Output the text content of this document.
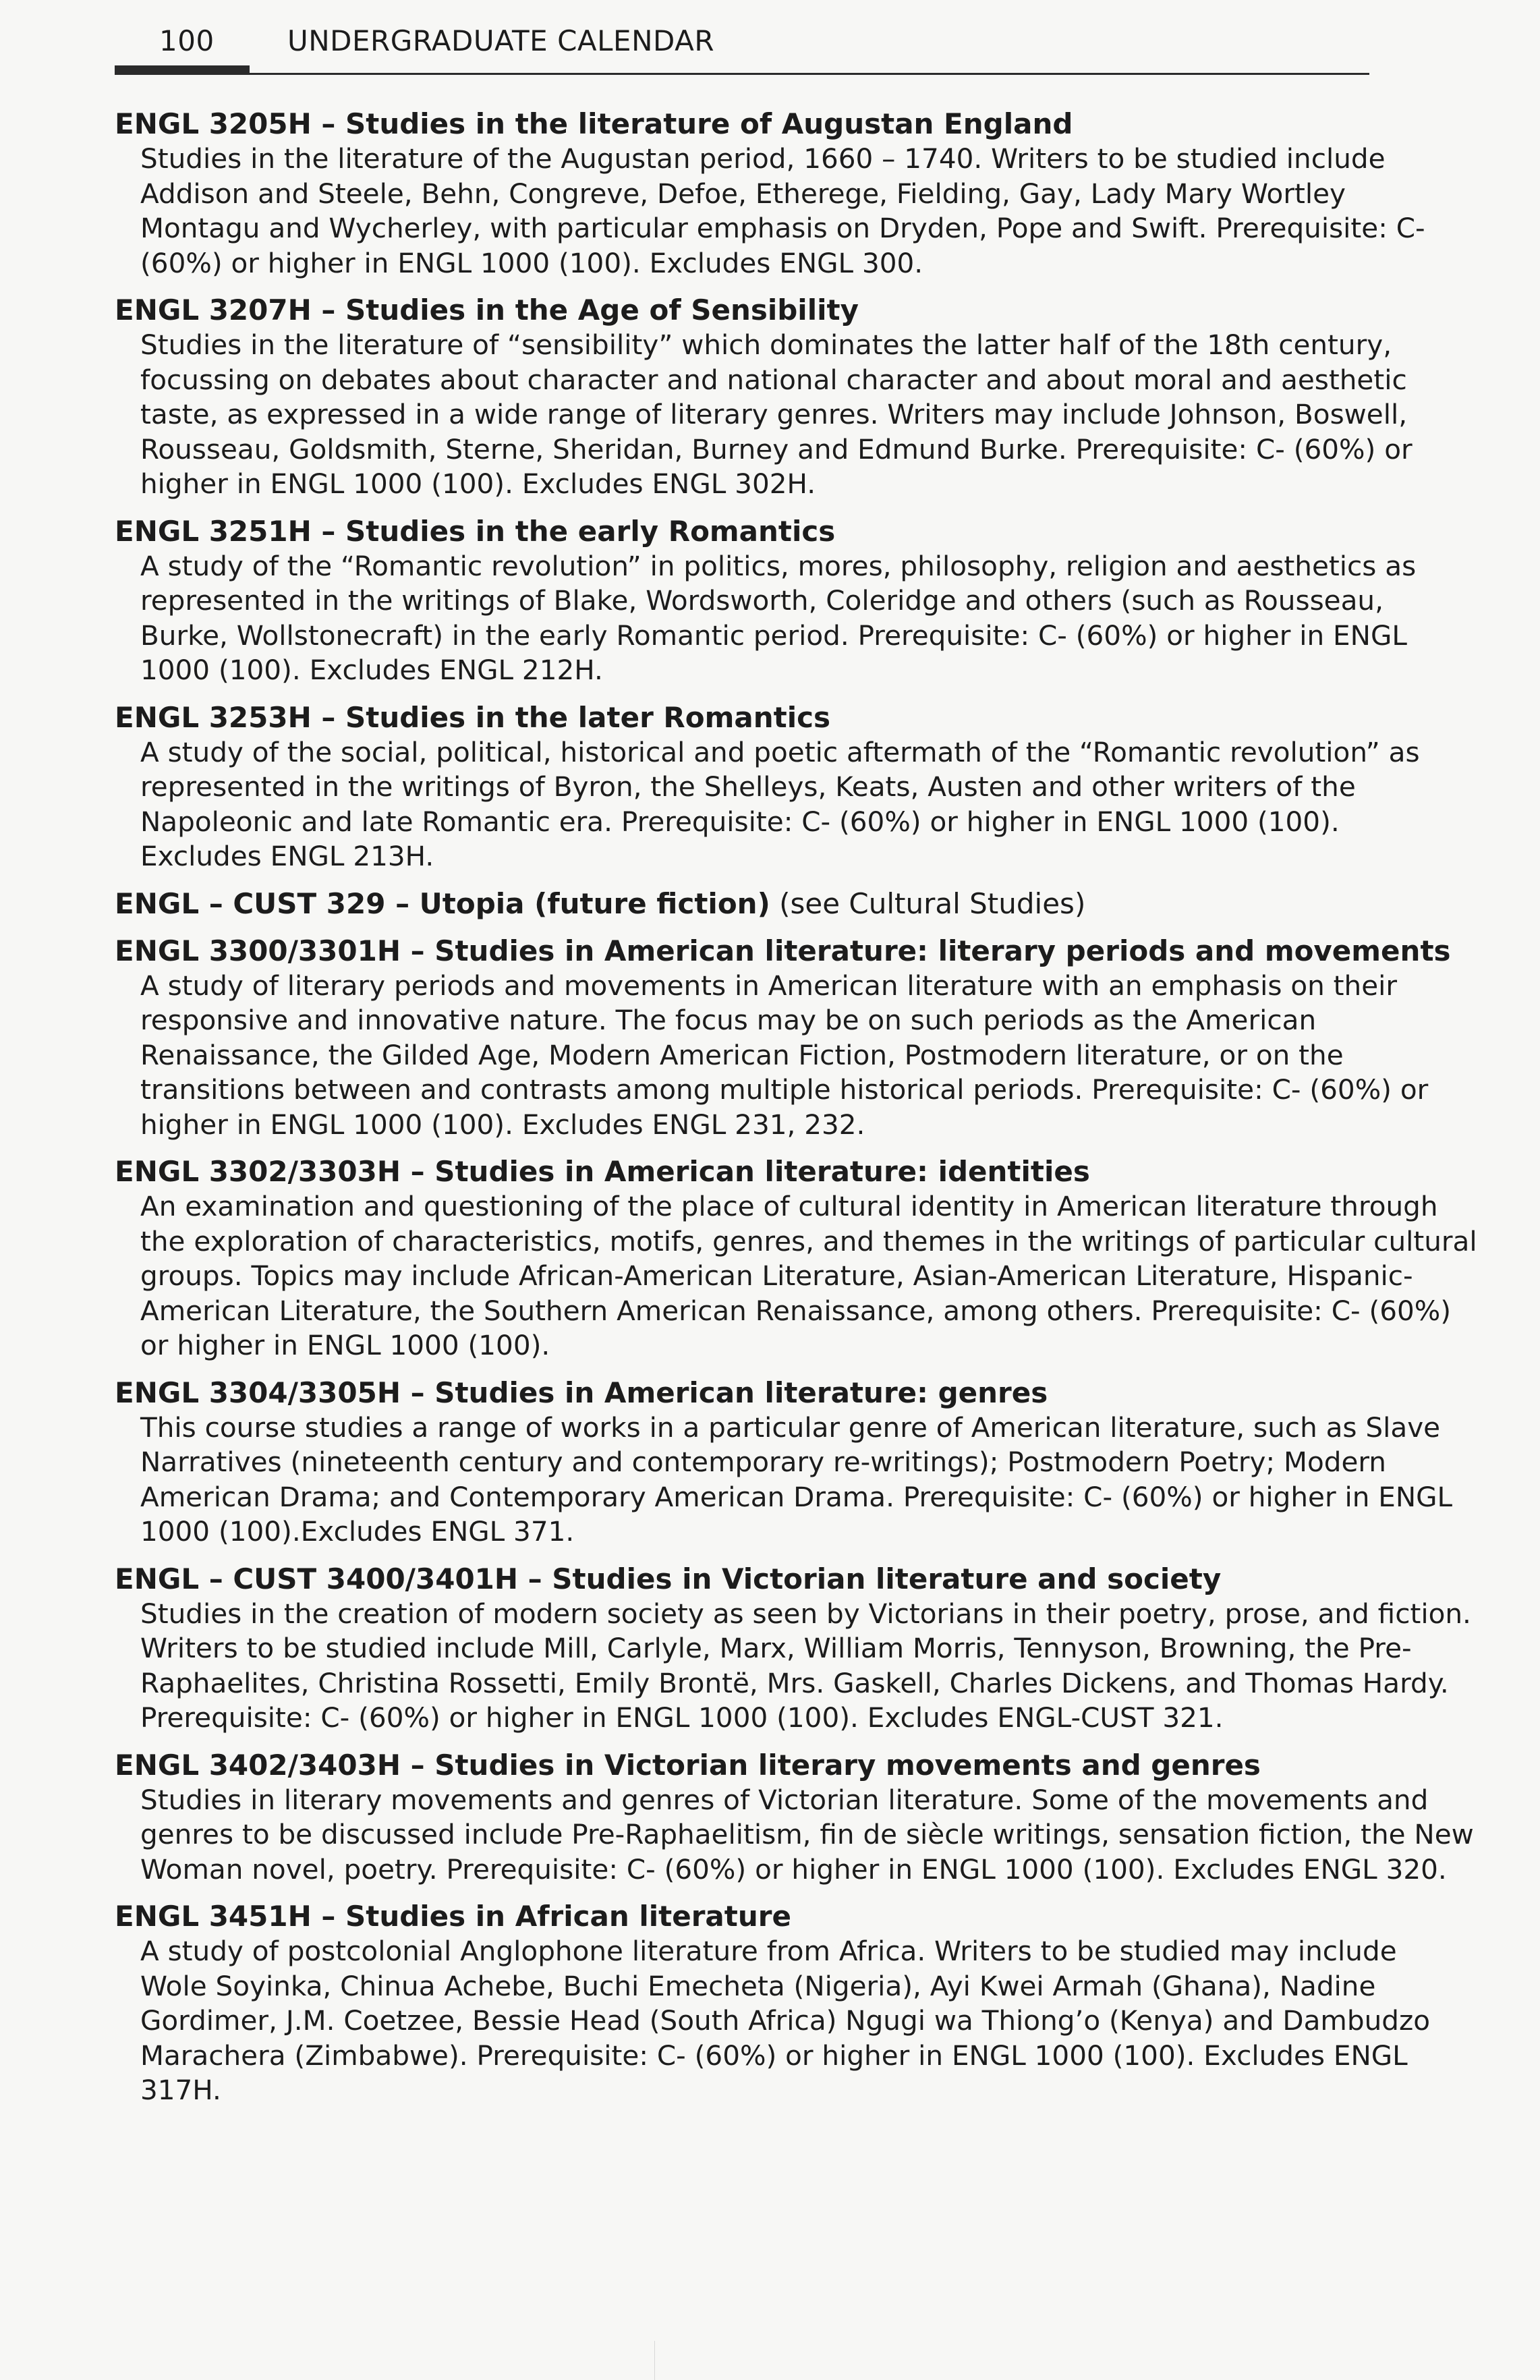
100	UNDERGRADUATE CALENDAR
ENGL 3205H – Studies in the literature of Augustan England
Studies in the literature of the Augustan period, 1660 – 1740. Writers to be studied include
Addison and Steele, Behn, Congreve, Defoe, Etherege, Fielding, Gay, Lady Mary Wortley
Montagu and Wycherley, with particular emphasis on Dryden, Pope and Swift. Prerequisite: C-
(60%) or higher in ENGL 1000 (100). Excludes ENGL 300.
ENGL 3207H – Studies in the Age of Sensibility
Studies in the literature of “sensibility” which dominates the latter half of the 18th century,
focussing on debates about character and national character and about moral and aesthetic
taste, as expressed in a wide range of literary genres. Writers may include Johnson, Boswell,
Rousseau, Goldsmith, Sterne, Sheridan, Burney and Edmund Burke. Prerequisite: C- (60%) or
higher in ENGL 1000 (100). Excludes ENGL 302H.
ENGL 3251H – Studies in the early Romantics
A study of the “Romantic revolution” in politics, mores, philosophy, religion and aesthetics as
represented in the writings of Blake, Wordsworth, Coleridge and others (such as Rousseau,
Burke, Wollstonecraft) in the early Romantic period. Prerequisite: C- (60%) or higher in ENGL
1000 (100). Excludes ENGL 212H.
ENGL 3253H – Studies in the later Romantics
A study of the social, political, historical and poetic aftermath of the “Romantic revolution” as
represented in the writings of Byron, the Shelleys, Keats, Austen and other writers of the
Napoleonic and late Romantic era. Prerequisite: C- (60%) or higher in ENGL 1000 (100).
Excludes ENGL 213H.
ENGL – CUST 329 – Utopia (future fiction) (see Cultural Studies)
ENGL 3300/3301H – Studies in American literature: literary periods and movements
A study of literary periods and movements in American literature with an emphasis on their
responsive and innovative nature. The focus may be on such periods as the American
Renaissance, the Gilded Age, Modern American Fiction, Postmodern literature, or on the
transitions between and contrasts among multiple historical periods. Prerequisite: C- (60%) or
higher in ENGL 1000 (100). Excludes ENGL 231, 232.
ENGL 3302/3303H – Studies in American literature: identities
An examination and questioning of the place of cultural identity in American literature through
the exploration of characteristics, motifs, genres, and themes in the writings of particular cultural
groups. Topics may include African-American Literature, Asian-American Literature, Hispanic-
American Literature, the Southern American Renaissance, among others. Prerequisite: C- (60%)
or higher in ENGL 1000 (100).
ENGL 3304/3305H – Studies in American literature: genres
This course studies a range of works in a particular genre of American literature, such as Slave
Narratives (nineteenth century and contemporary re-writings); Postmodern Poetry; Modern
American Drama; and Contemporary American Drama. Prerequisite: C- (60%) or higher in ENGL
1000 (100).Excludes ENGL 371.
ENGL – CUST 3400/3401H – Studies in Victorian literature and society
Studies in the creation of modern society as seen by Victorians in their poetry, prose, and fiction.
Writers to be studied include Mill, Carlyle, Marx, William Morris, Tennyson, Browning, the Pre-
Raphaelites, Christina Rossetti, Emily Brontë, Mrs. Gaskell, Charles Dickens, and Thomas Hardy.
Prerequisite: C- (60%) or higher in ENGL 1000 (100). Excludes ENGL-CUST 321.
ENGL 3402/3403H – Studies in Victorian literary movements and genres
Studies in literary movements and genres of Victorian literature. Some of the movements and
genres to be discussed include Pre-Raphaelitism, fin de siècle writings, sensation fiction, the New
Woman novel, poetry. Prerequisite: C- (60%) or higher in ENGL 1000 (100). Excludes ENGL 320.
ENGL 3451H – Studies in African literature
A study of postcolonial Anglophone literature from Africa. Writers to be studied may include
Wole Soyinka, Chinua Achebe, Buchi Emecheta (Nigeria), Ayi Kwei Armah (Ghana), Nadine
Gordimer, J.M. Coetzee, Bessie Head (South Africa) Ngugi wa Thiong’o (Kenya) and Dambudzo
Marachera (Zimbabwe). Prerequisite: C- (60%) or higher in ENGL 1000 (100). Excludes ENGL
317H.
